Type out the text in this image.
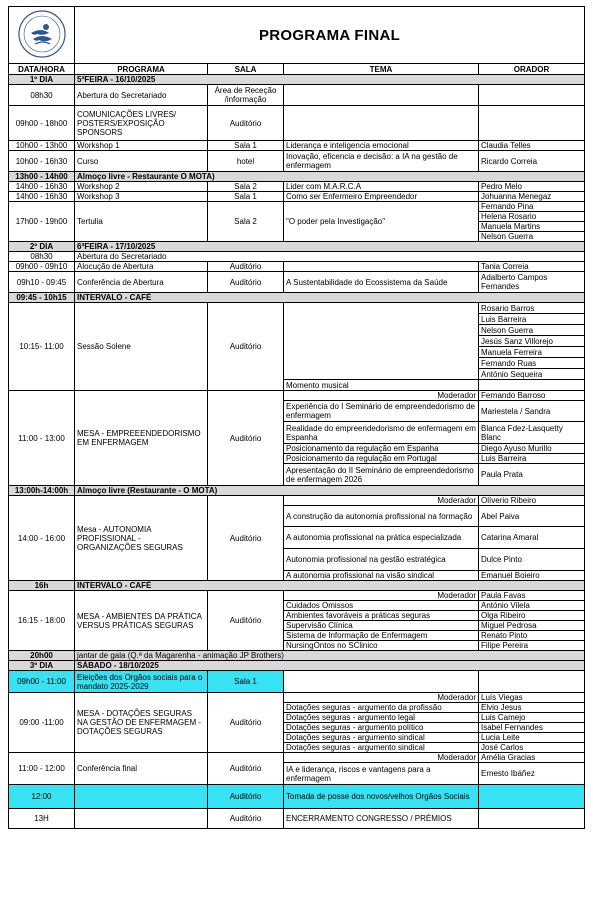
	PROGRAMA FINAL			
DATA/HORA	PROGRAMA	SALA	TEMA	ORADOR
1º DIA	5ªFEIRA - 16/10/2025			
08h30	Abertura do Secretariado	Área de Receção /informação		
09h00 - 18h00	COMUNICAÇÕES LIVRES/ POSTERS/EXPOSIÇÃO SPONSORS	Auditório		
10h00 - 13h00	Workshop 1	Sala 1	Liderança e inteligencia emocional	Claudia Telles
10h00 - 16h30	Curso	hotel	Inovação, eficencia e decisão: a IA na gestão de enfermagem	Ricardo Correia
13h00 - 14h00	Almoço livre - Restaurante O MOTA)			
14h00 - 16h30	Workshop 2	Sala 2	Lider com M.A.R.C.A	Pedro Melo
14h00 - 16h30	Workshop 3	Sala 1	Como ser Enfermeiro Empreendedor	Johuanna Menegaz
17h00 - 19h00	Tertulia	Sala 2	"O poder pela Investigação"	Fernando Pina
				Helena Rosario
				Manuela Martins
				Nelson Guerra
2º DIA	6ªFEIRA - 17/10/2025			
08h30	Abertura do Secretariado			
09h00 - 09h10	Alocução de Abertura	Auditório		Tania Correia
09h10 - 09:45	Conferência de Abertura	Auditório	A Sustentabilidade do Ecossistema da Saúde	Adalberto Campos Fernandes
09:45 - 10h15	INTERVALO - CAFÉ			
10:15- 11:00	Sessão Solene	Auditório		Rosario Barros
				Luis Barreira
				Nelson Guerra
				Jesús Sanz Villorejo
				Manuela Ferreira
				Fernando Ruas
				António Sequeira
			Momento musical	
11:00 - 13:00	MESA - EMPREEENDEDORISMO EM ENFERMAGEM	Auditório	Moderador	Fernando Barroso
			Experiência do I Seminário de empreendedorismo de enfermagem	Mariestela / Sandra
			Realidade do empreendedorismo de enfermagem em Espanha	Blanca Fdez-Lasquetty Blanc
			Posicionamento da regulação em Espanha	Diego Ayuso Murillo
			Posicionamento da regulação em Portugal	Luis Barreira
			Apresentação do II Seminário de empreendedorismo de enfermagem 2026	Paula Prata
13:00h-14:00h	Almoço livre (Restaurante - O MOTA)			
14:00 - 16:00	Mesa - AUTONOMIA PROFISSIONAL - ORGANIZAÇÕES SEGURAS	Auditório	Moderador	Olíverio Ribeiro
			A construção da autonomia profissional na formação	Abel Paiva
			A autonomia profissional na prática especializada	Catarina Amaral
			Autonomia profissional na gestão estratégica	Dulce Pinto
			A autonomia profissional na visão sindical	Emanuel Boieiro
16h	INTERVALO - CAFÉ			
16:15 - 18:00	MESA - AMBIENTES DA PRÁTICA VERSUS PRÁTICAS SEGURAS	Auditório	Moderador	Paula Favas
			Cuidados Omissos	António Vilela
			Ambientes favoráveis a práticas seguras	Olga Ribeiro
			Supervisão Clínica	Miguel Pedrosa
			Sistema de Informação de Enfermagem	Renato Pinto
			NursingOntos no SClinico	Filipe Pereira
20h00	jantar de gala (Q.ª da Magarenha - animação JP Brothers)			
3º DIA	SÁBADO - 18/10/2025			
09h00 - 11:00	Eleições dos Orgãos sociais para o mandato 2025-2029	Sala 1		
09:00 -11:00	MESA - DOTAÇÕES SEGURAS NA GESTÃO DE ENFERMAGEM - DOTAÇÕES SEGURAS	Auditório	Moderador	Luís Viegas
			Dotações seguras - argumento da profissão	Elvio Jesus
			Dotações seguras - argumento legal	Luis Camejo
			Dotações seguras - argumento político	Isabel Fernandes
			Dotações seguras - argumento sindical	Lucia Leite
			Dotações seguras - argumento sindical	José Carlos
11:00 - 12:00	Conferência final	Auditório	Moderador	Amélia Gracias
			IA e liderança, riscos e vantagens para a enfermagem	Ernesto Ibáñez
12:00		Auditório	Tomada de posse dos novos/velhos Orgãos Sociais	
13H		Auditório	ENCERRAMENTO CONGRESSO / PRÉMIOS	
